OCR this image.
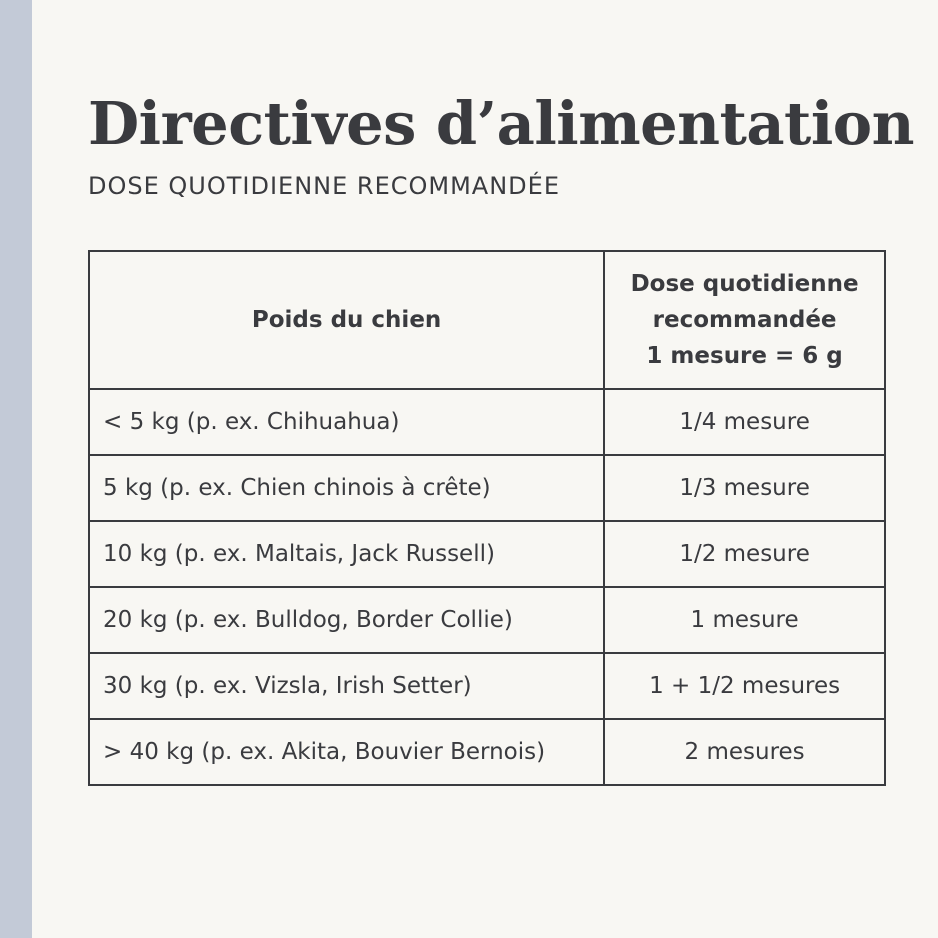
Directives d’alimentation
DOSE QUOTIDIENNE RECOMMANDÉE
Poids du chien	Dose quotidienne
recommandée
1 mesure = 6 g

< 5 kg (p. ex. Chihuahua)	1/4 mesure
5 kg (p. ex. Chien chinois à crête)	1/3 mesure
10 kg (p. ex. Maltais, Jack Russell)	1/2 mesure
20 kg (p. ex. Bulldog, Border Collie)	1 mesure
30 kg (p. ex. Vizsla, Irish Setter)	1 + 1/2 mesures
> 40 kg (p. ex. Akita, Bouvier Bernois)	2 mesures
